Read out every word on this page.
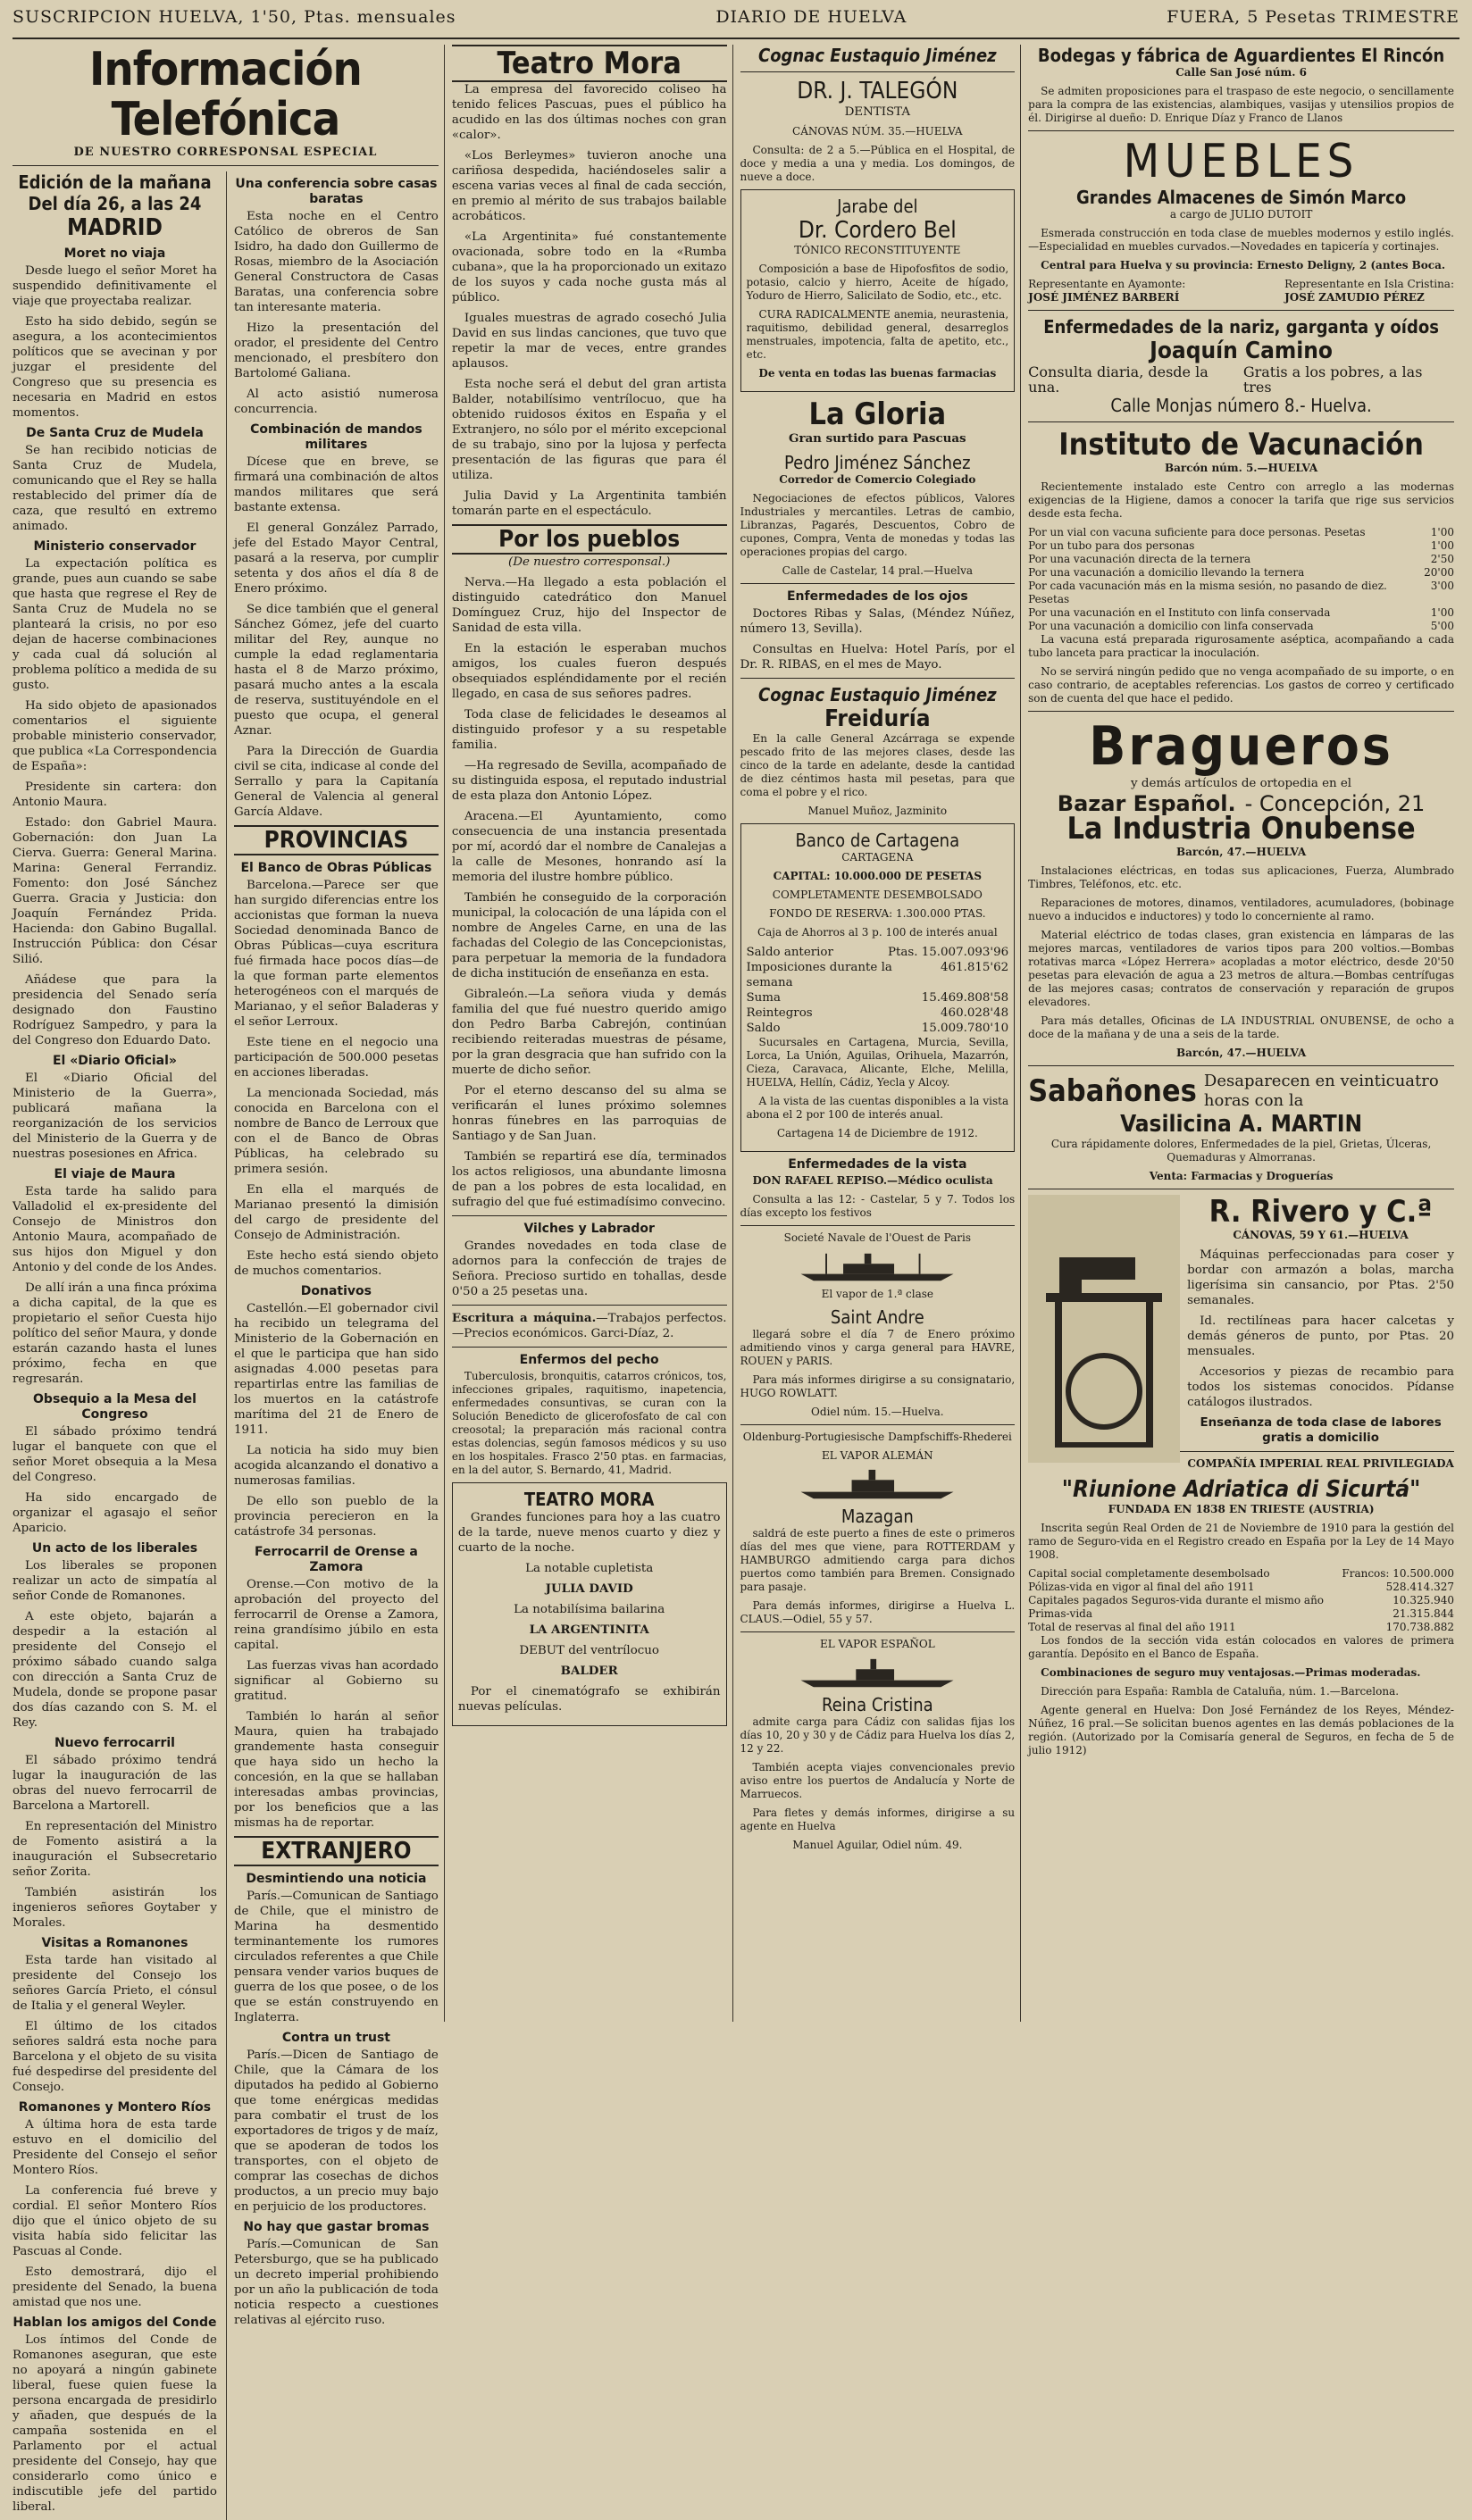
SUSCRIPCION HUELVA, 1'50, Ptas. mensuales	DIARIO DE HUELVA	FUERA, 5 Pesetas TRIMESTRE
Información Telefónica
DE NUESTRO CORRESPONSAL ESPECIAL
Edición de la mañana
Del día 26, a las 24
MADRID
Moret no viaja

Desde luego el señor Moret ha suspendido definitivamente el viaje que proyectaba realizar.

Esto ha sido debido, según se asegura, a los acontecimientos políticos que se avecinan y por juzgar el presidente del Congreso que su presencia es necesaria en Madrid en estos momentos.

De Santa Cruz de Mudela

Se han recibido noticias de Santa Cruz de Mudela, comunicando que el Rey se halla restablecido del primer día de caza, que resultó en extremo animado.

Ministerio conservador

La expectación política es grande, pues aun cuando se sabe que hasta que regrese el Rey de Santa Cruz de Mudela no se planteará la crisis, no por eso dejan de hacerse combinaciones y cada cual dá solución al problema político a medida de su gusto.

Ha sido objeto de apasionados comentarios el siguiente probable ministerio conservador, que publica «La Correspondencia de España»:

Presidente sin cartera: don Antonio Maura.

Estado: don Gabriel Maura. Gobernación: don Juan La Cierva. Guerra: General Marina. Marina: General Ferrandiz. Fomento: don José Sánchez Guerra. Gracia y Justicia: don Joaquín Fernández Prida. Hacienda: don Gabino Bugallal. Instrucción Pública: don César Silió.

Añádese que para la presidencia del Senado sería designado don Faustino Rodríguez Sampedro, y para la del Congreso don Eduardo Dato.

El «Diario Oficial»

El «Diario Oficial del Ministerio de la Guerra», publicará mañana la reorganización de los servicios del Ministerio de la Guerra y de nuestras posesiones en Africa.

El viaje de Maura

Esta tarde ha salido para Valladolid el ex-presidente del Consejo de Ministros don Antonio Maura, acompañado de sus hijos don Miguel y don Antonio y del conde de los Andes.

De allí irán a una finca próxima a dicha capital, de la que es propietario el señor Cuesta hijo político del señor Maura, y donde estarán cazando hasta el lunes próximo, fecha en que regresarán.

Obsequio a la Mesa del Congreso

El sábado próximo tendrá lugar el banquete con que el señor Moret obsequia a la Mesa del Congreso.

Ha sido encargado de organizar el agasajo el señor Aparicio.

Un acto de los liberales

Los liberales se proponen realizar un acto de simpatía al señor Conde de Romanones.

A este objeto, bajarán a despedir a la estación al presidente del Consejo el próximo sábado cuando salga con dirección a Santa Cruz de Mudela, donde se propone pasar dos días cazando con S. M. el Rey.

Nuevo ferrocarril

El sábado próximo tendrá lugar la inauguración de las obras del nuevo ferrocarril de Barcelona a Martorell.

En representación del Ministro de Fomento asistirá a la inauguración el Subsecretario señor Zorita.

También asistirán los ingenieros señores Goytaber y Morales.

Visitas a Romanones

Esta tarde han visitado al presidente del Consejo los señores García Prieto, el cónsul de Italia y el general Weyler.

El último de los citados señores saldrá esta noche para Barcelona y el objeto de su visita fué despedirse del presidente del Consejo.

Romanones y Montero Ríos

A última hora de esta tarde estuvo en el domicilio del Presidente del Consejo el señor Montero Ríos.

La conferencia fué breve y cordial. El señor Montero Ríos dijo que el único objeto de su visita había sido felicitar las Pascuas al Conde.

Esto demostrará, dijo el presidente del Senado, la buena amistad que nos une.

Hablan los amigos del Conde

Los íntimos del Conde de Romanones aseguran, que este no apoyará a ningún gabinete liberal, fuese quien fuese la persona encargada de presidirlo y añaden, que después de la campaña sostenida en el Parlamento por el actual presidente del Consejo, hay que considerarlo como único e indiscutible jefe del partido liberal.

Una conferencia sobre casas baratas

Esta noche en el Centro Católico de obreros de San Isidro, ha dado don Guillermo de Rosas, miembro de la Asociación General Constructora de Casas Baratas, una conferencia sobre tan interesante materia.

Hizo la presentación del orador, el presidente del Centro mencionado, el presbítero don Bartolomé Galiana.

Al acto asistió numerosa concurrencia.

Combinación de mandos militares

Dícese que en breve, se firmará una combinación de altos mandos militares que será bastante extensa.

El general González Parrado, jefe del Estado Mayor Central, pasará a la reserva, por cumplir setenta y dos años el día 8 de Enero próximo.

Se dice también que el general Sánchez Gómez, jefe del cuarto militar del Rey, aunque no cumple la edad reglamentaria hasta el 8 de Marzo próximo, pasará mucho antes a la escala de reserva, sustituyéndole en el puesto que ocupa, el general Aznar.

Para la Dirección de Guardia civil se cita, indicase al conde del Serrallo y para la Capitanía General de Valencia al general García Aldave.

PROVINCIAS
El Banco de Obras Públicas

Barcelona.—Parece ser que han surgido diferencias entre los accionistas que forman la nueva Sociedad denominada Banco de Obras Públicas—cuya escritura fué firmada hace pocos días—de la que forman parte elementos heterogéneos con el marqués de Marianao, y el señor Baladeras y el señor Lerroux.

Este tiene en el negocio una participación de 500.000 pesetas en acciones liberadas.

La mencionada Sociedad, más conocida en Barcelona con el nombre de Banco de Lerroux que con el de Banco de Obras Públicas, ha celebrado su primera sesión.

En ella el marqués de Marianao presentó la dimisión del cargo de presidente del Consejo de Administración.

Este hecho está siendo objeto de muchos comentarios.

Donativos

Castellón.—El gobernador civil ha recibido un telegrama del Ministerio de la Gobernación en el que le participa que han sido asignadas 4.000 pesetas para repartirlas entre las familias de los muertos en la catástrofe marítima del 21 de Enero de 1911.

La noticia ha sido muy bien acogida alcanzando el donativo a numerosas familias.

De ello son pueblo de la provincia perecieron en la catástrofe 34 personas.

Ferrocarril de Orense a Zamora

Orense.—Con motivo de la aprobación del proyecto del ferrocarril de Orense a Zamora, reina grandísimo júbilo en esta capital.

Las fuerzas vivas han acordado significar al Gobierno su gratitud.

También lo harán al señor Maura, quien ha trabajado grandemente hasta conseguir que haya sido un hecho la concesión, en la que se hallaban interesadas ambas provincias, por los beneficios que a las mismas ha de reportar.

EXTRANJERO
Desmintiendo una noticia

París.—Comunican de Santiago de Chile, que el ministro de Marina ha desmentido terminantemente los rumores circulados referentes a que Chile pensara vender varios buques de guerra de los que posee, o de los que se están construyendo en Inglaterra.

Contra un trust

París.—Dicen de Santiago de Chile, que la Cámara de los diputados ha pedido al Gobierno que tome enérgicas medidas para combatir el trust de los exportadores de trigos y de maíz, que se apoderan de todos los transportes, con el objeto de comprar las cosechas de dichos productos, a un precio muy bajo en perjuicio de los productores.

No hay que gastar bromas

París.—Comunican de San Petersburgo, que se ha publicado un decreto imperial prohibiendo por un año la publicación de toda noticia respecto a cuestiones relativas al ejército ruso.

Teatro Mora

La empresa del favorecido coliseo ha tenido felices Pascuas, pues el público ha acudido en las dos últimas noches con gran «calor».

«Los Berleymes» tuvieron anoche una cariñosa despedida, haciéndoseles salir a escena varias veces al final de cada sección, en premio al mérito de sus trabajos bailable acrobáticos.

«La Argentinita» fué constantemente ovacionada, sobre todo en la «Rumba cubana», que la ha proporcionado un exitazo de los suyos y cada noche gusta más al público.

Iguales muestras de agrado cosechó Julia David en sus lindas canciones, que tuvo que repetir la mar de veces, entre grandes aplausos.

Esta noche será el debut del gran artista Balder, notabilísimo ventrílocuo, que ha obtenido ruidosos éxitos en España y el Extranjero, no sólo por el mérito excepcional de su trabajo, sino por la lujosa y perfecta presentación de las figuras que para él utiliza.

Julia David y La Argentinita también tomarán parte en el espectáculo.

Por los pueblos

(De nuestro corresponsal.)

Nerva.—Ha llegado a esta población el distinguido catedrático don Manuel Domínguez Cruz, hijo del Inspector de Sanidad de esta villa.

En la estación le esperaban muchos amigos, los cuales fueron después obsequiados espléndidamente por el recién llegado, en casa de sus señores padres.

Toda clase de felicidades le deseamos al distinguido profesor y a su respetable familia.

—Ha regresado de Sevilla, acompañado de su distinguida esposa, el reputado industrial de esta plaza don Antonio López.

Aracena.—El Ayuntamiento, como consecuencia de una instancia presentada por mí, acordó dar el nombre de Canalejas a la calle de Mesones, honrando así la memoria del ilustre hombre público.

También he conseguido de la corporación municipal, la colocación de una lápida con el nombre de Angeles Carne, en una de las fachadas del Colegio de las Concepcionistas, para perpetuar la memoria de la fundadora de dicha institución de enseñanza en esta.

Gibraleón.—La señora viuda y demás familia del que fué nuestro querido amigo don Pedro Barba Cabrejón, continúan recibiendo reiteradas muestras de pésame, por la gran desgracia que han sufrido con la muerte de dicho señor.

Por el eterno descanso del su alma se verificarán el lunes próximo solemnes honras fúnebres en las parroquias de Santiago y de San Juan.

También se repartirá ese día, terminados los actos religiosos, una abundante limosna de pan a los pobres de esta localidad, en sufragio del que fué estimadísimo convecino.

Vilches y Labrador

Grandes novedades en toda clase de adornos para la confección de trajes de Señora. Precioso surtido en tohallas, desde 0'50 a 25 pesetas una.

Escritura a máquina.—Trabajos perfectos.—Precios económicos. Garci-Díaz, 2.

Enfermos del pecho

Tuberculosis, bronquitis, catarros crónicos, tos, infecciones gripales, raquitismo, inapetencia, enfermedades consuntivas, se curan con la Solución Benedicto de glicerofosfato de cal con creosotal; la preparación más racional contra estas dolencias, según famosos médicos y su uso en los hospitales. Frasco 2'50 ptas. en farmacias, en la del autor, S. Bernardo, 41, Madrid.

TEATRO MORA

Grandes funciones para hoy a las cuatro de la tarde, nueve menos cuarto y diez y cuarto de la noche.

La notable cupletista

JULIA DAVID

La notabilísima bailarina

LA ARGENTINITA

DEBUT del ventrílocuo

BALDER

Por el cinematógrafo se exhibirán nuevas películas.

Cognac Eustaquio Jiménez
DR. J. TALEGÓN

DENTISTA

CÁNOVAS NÚM. 35.—HUELVA

Consulta: de 2 a 5.—Pública en el Hospital, de doce y media a una y media. Los domingos, de nueve a doce.

Jarabe del
Dr. Cordero Bel

TÓNICO RECONSTITUYENTE

Composición a base de Hipofosfitos de sodio, potasio, calcio y hierro, Aceite de hígado, Yoduro de Hierro, Salicilato de Sodio, etc., etc.

CURA RADICALMENTE anemia, neurastenia, raquitismo, debilidad general, desarreglos menstruales, impotencia, falta de apetito, etc., etc.

De venta en todas las buenas farmacias

La Gloria

Gran surtido para Pascuas

Pedro Jiménez Sánchez

Corredor de Comercio Colegiado

Negociaciones de efectos públicos, Valores Industriales y mercantiles. Letras de cambio, Libranzas, Pagarés, Descuentos, Cobro de cupones, Compra, Venta de monedas y todas las operaciones propias del cargo.

Calle de Castelar, 14 pral.—Huelva

Enfermedades de los ojos

Doctores Ribas y Salas, (Méndez Núñez, número 13, Sevilla).

Consultas en Huelva: Hotel París, por el Dr. R. RIBAS, en el mes de Mayo.

Cognac Eustaquio Jiménez
Freiduría

En la calle General Azcárraga se expende pescado frito de las mejores clases, desde las cinco de la tarde en adelante, desde la cantidad de diez céntimos hasta mil pesetas, para que coma el pobre y el rico.

Manuel Muñoz, Jazminito

Banco de Cartagena

CARTAGENA

CAPITAL: 10.000.000 DE PESETAS

COMPLETAMENTE DESEMBOLSADO

FONDO DE RESERVA: 1.300.000 PTAS.

Caja de Ahorros al 3 p. 100 de interés anual

Saldo anterior	Ptas. 15.007.093'96
Imposiciones durante la semana
461.815'62
Suma	15.469.808'58
Reintegros	460.028'48
Saldo	15.009.780'10

Sucursales en Cartagena, Murcia, Sevilla, Lorca, La Unión, Aguilas, Orihuela, Mazarrón, Cieza, Caravaca, Alicante, Elche, Melilla, HUELVA, Hellín, Cádiz, Yecla y Alcoy.

A la vista de las cuentas disponibles a la vista abona el 2 por 100 de interés anual.

Cartagena 14 de Diciembre de 1912.

Enfermedades de la vista

DON RAFAEL REPISO.—Médico oculista

Consulta a las 12: - Castelar, 5 y 7. Todos los días excepto los festivos

Societé Navale de l'Ouest de Paris

El vapor de 1.ª clase

Saint Andre

llegará sobre el día 7 de Enero próximo admitiendo vinos y carga general para HAVRE, ROUEN y PARIS.

Para más informes dirigirse a su consignatario, HUGO ROWLATT.

Odiel núm. 15.—Huelva.

Oldenburg-Portugiesische Dampfschiffs-Rhederei

EL VAPOR ALEMÁN

Mazagan

saldrá de este puerto a fines de este o primeros días del mes que viene, para ROTTERDAM y HAMBURGO admitiendo carga para dichos puertos como también para Bremen. Consignado para pasaje.

Para demás informes, dirigirse a Huelva L. CLAUS.—Odiel, 55 y 57.

EL VAPOR ESPAÑOL

Reina Cristina

admite carga para Cádiz con salidas fijas los días 10, 20 y 30 y de Cádiz para Huelva los días 2, 12 y 22.

También acepta viajes convencionales previo aviso entre los puertos de Andalucía y Norte de Marruecos.

Para fletes y demás informes, dirigirse a su agente en Huelva

Manuel Aguilar, Odiel núm. 49.

Bodegas y fábrica de Aguardientes El Rincón

Calle San José núm. 6

Se admiten proposiciones para el traspaso de este negocio, o sencillamente para la compra de las existencias, alambiques, vasijas y utensilios propios de él. Dirigirse al dueño: D. Enrique Díaz y Franco de Llanos

MUEBLES
Grandes Almacenes de Simón Marco

a cargo de JULIO DUTOIT

Esmerada construcción en toda clase de muebles modernos y estilo inglés.—Especialidad en muebles curvados.—Novedades en tapicería y cortinajes.

Central para Huelva y su provincia: Ernesto Deligny, 2 (antes Boca.

Representante en Ayamonte:
JOSÉ JIMÉNEZ BARBERÍ
Representante en Isla Cristina:
JOSÉ ZAMUDIO PÉREZ
Enfermedades de la nariz, garganta y oídos
Joaquín Camino
Consulta diaria, desde la una.
Gratis a los pobres, a las tres
Calle Monjas número 8.- Huelva.
Instituto de Vacunación

Barcón núm. 5.—HUELVA

Recientemente instalado este Centro con arreglo a las modernas exigencias de la Higiene, damos a conocer la tarifa que rige sus servicios desde esta fecha.

Por un vial con vacuna suficiente para doce personas. Pesetas	1'00
Por un tubo para dos personas	1'00
Por una vacunación directa de la ternera	2'50
Por una vacunación a domicilio llevando la ternera	20'00
Por cada vacunación más en la misma sesión, no pasando de diez. Pesetas
3'00
Por una vacunación en el Instituto con linfa conservada	1'00
Por una vacunación a domicilio con linfa conservada	5'00

La vacuna está preparada rigurosamente aséptica, acompañando a cada tubo lanceta para practicar la inoculación.

No se servirá ningún pedido que no venga acompañado de su importe, o en caso contrario, de aceptables referencias. Los gastos de correo y certificado son de cuenta del que hace el pedido.

Bragueros

y demás artículos de ortopedia en el

Bazar Español. - Concepción, 21
La Industria Onubense

Barcón, 47.—HUELVA

Instalaciones eléctricas, en todas sus aplicaciones, Fuerza, Alumbrado Timbres, Teléfonos, etc. etc.

Reparaciones de motores, dinamos, ventiladores, acumuladores, (bobinage nuevo a inducidos e inductores) y todo lo concerniente al ramo.

Material eléctrico de todas clases, gran existencia en lámparas de las mejores marcas, ventiladores de varios tipos para 200 voltios.—Bombas rotativas marca «López Herrera» acopladas a motor eléctrico, desde 20'50 pesetas para elevación de agua a 23 metros de altura.—Bombas centrífugas de las mejores casas; contratos de conservación y reparación de grupos elevadores.

Para más detalles, Oficinas de LA INDUSTRIAL ONUBENSE, de ocho a doce de la mañana y de una a seis de la tarde.

Barcón, 47.—HUELVA

Sabañones Desaparecen en veinticuatro horas con la
Vasilicina A. MARTIN

Cura rápidamente dolores, Enfermedades de la piel, Grietas, Úlceras, Quemaduras y Almorranas.

Venta: Farmacias y Droguerías

R. Rivero y C.ª

CÁNOVAS, 59 Y 61.—HUELVA

Máquinas perfeccionadas para coser y bordar con armazón a bolas, marcha ligerísima sin cansancio, por Ptas. 2'50 semanales.

Id. rectilíneas para hacer calcetas y demás géneros de punto, por Ptas. 20 mensuales.

Accesorios y piezas de recambio para todos los sistemas conocidos. Pídanse catálogos ilustrados.

Enseñanza de toda clase de labores gratis a domicilio

COMPAÑÍA IMPERIAL REAL PRIVILEGIADA

"Riunione Adriatica di Sicurtá"

FUNDADA EN 1838 EN TRIESTE (AUSTRIA)

Inscrita según Real Orden de 21 de Noviembre de 1910 para la gestión del ramo de Seguro-vida en el Registro creado en España por la Ley de 14 Mayo 1908.

Capital social completamente desembolsado	Francos: 10.500.000
Pólizas-vida en vigor al final del año 1911	528.414.327
Capitales pagados Seguros-vida durante el mismo año	10.325.940
Primas-vida	21.315.844
Total de reservas al final del año 1911	170.738.882

Los fondos de la sección vida están colocados en valores de primera garantía. Depósito en el Banco de España.

Combinaciones de seguro muy ventajosas.—Primas moderadas.

Dirección para España: Rambla de Cataluña, núm. 1.—Barcelona.

Agente general en Huelva: Don José Fernández de los Reyes, Méndez-Núñez, 16 pral.—Se solicitan buenos agentes en las demás poblaciones de la región. (Autorizado por la Comisaría general de Seguros, en fecha de 5 de julio 1912)
